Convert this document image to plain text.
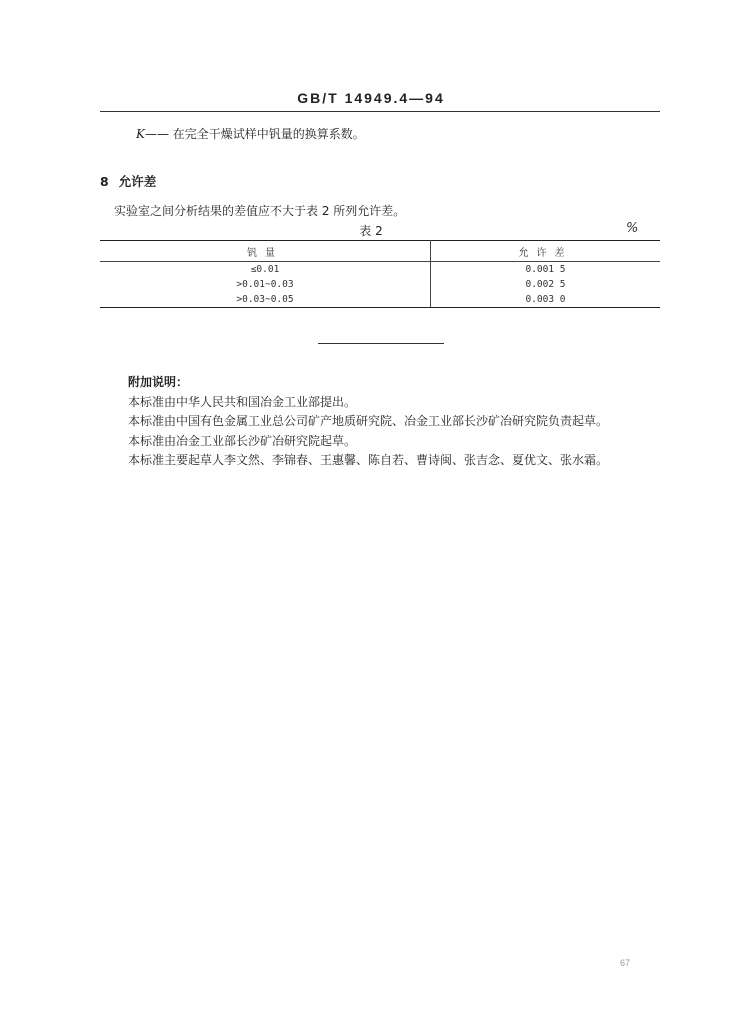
GB/T 14949.4—94
K—— 在完全干燥试样中钒量的换算系数。
8 允许差
实验室之间分析结果的差值应不大于表 2 所列允许差。
表 2	%
钒量	允许差
≤0.01	0.001 5
>0.01~0.03	0.002 5
>0.03~0.05	0.003 0
附加说明：
本标准由中华人民共和国冶金工业部提出。
本标准由中国有色金属工业总公司矿产地质研究院、冶金工业部长沙矿冶研究院负责起草。
本标准由冶金工业部长沙矿冶研究院起草。
本标准主要起草人李文然、李锦春、王惠馨、陈自若、曹诗闽、张吉念、夏优文、张水霜。
67
